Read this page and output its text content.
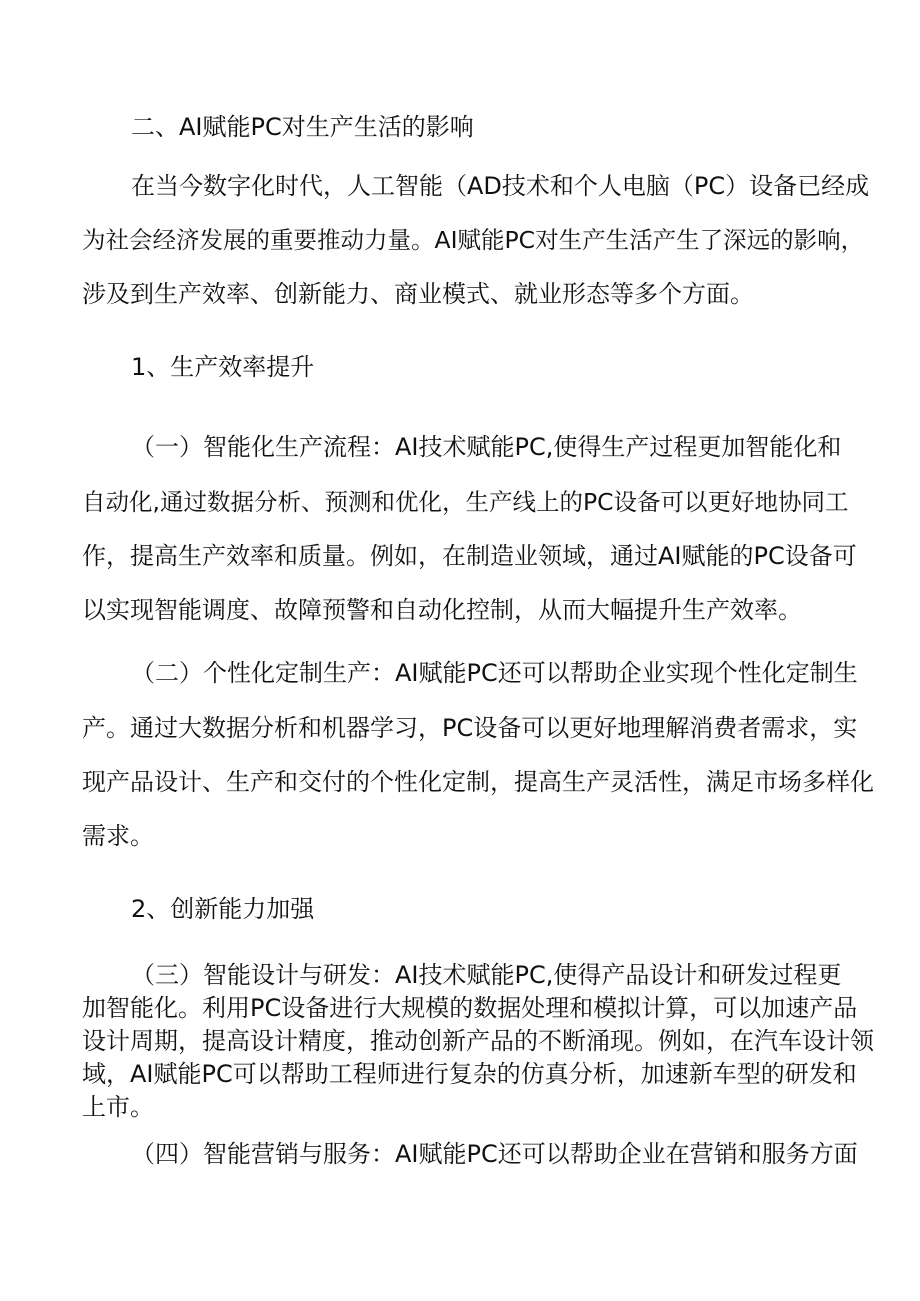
二、AI赋能PC对生产生活的影响

在当今数字化时代，人工智能（AD技术和个人电脑（PC）设备已经成

为社会经济发展的重要推动力量。AI赋能PC对生产生活产生了深远的影响，

涉及到生产效率、创新能力、商业模式、就业形态等多个方面。

1、生产效率提升

（一）智能化生产流程：AI技术赋能PC,使得生产过程更加智能化和

自动化,通过数据分析、预测和优化，生产线上的PC设备可以更好地协同工

作，提高生产效率和质量。例如，在制造业领域，通过AI赋能的PC设备可

以实现智能调度、故障预警和自动化控制，从而大幅提升生产效率。

（二）个性化定制生产：AI赋能PC还可以帮助企业实现个性化定制生

产。通过大数据分析和机器学习，PC设备可以更好地理解消费者需求，实

现产品设计、生产和交付的个性化定制，提高生产灵活性，满足市场多样化

需求。

2、创新能力加强

（三）智能设计与研发：AI技术赋能PC,使得产品设计和研发过程更

加智能化。利用PC设备进行大规模的数据处理和模拟计算，可以加速产品

设计周期，提高设计精度，推动创新产品的不断涌现。例如，在汽车设计领

域，AI赋能PC可以帮助工程师进行复杂的仿真分析，加速新车型的研发和

上市。

（四）智能营销与服务：AI赋能PC还可以帮助企业在营销和服务方面
